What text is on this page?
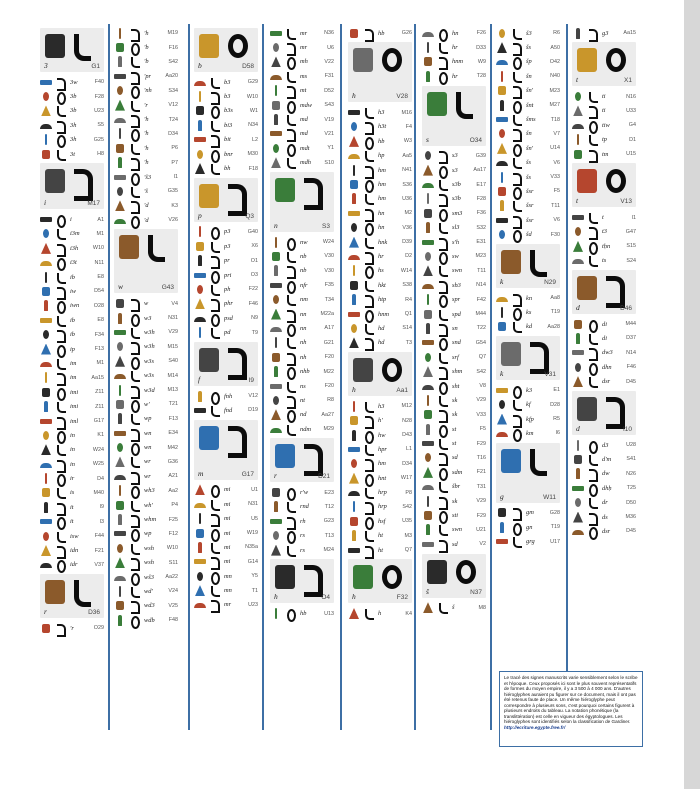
3	G1
3w	F40
3b	F28
3b	U23
3h	S5
3h	G25
3t	H8
i	M17
i	A1
i3m	M1
i3h	W10
i3t	N11
ib	E8
iw	D54
iwn	O28
ib	E8
ib	F34
ip	F13
im	M1
im	Aa15
imi	Z11
imi	Z11
iml	G17
in	K1
in	W24
in	W25
ir	D4
is	M40
it	I9
it	I3
isw	F44
idn	F21
idr	V37
r	D36
'r	O29
'h	M19
'b	F16
'b	S42
'pr	Aa20
'nh	S34
'r	V12
'h	T24
'h	D34
'h	P6
'h	P7
'š3	I1
'š	G35
'd	K3
'd	V26
w	G43
w	V4
w3	N31
w3h	V29
w3h	M15
w3s	S40
w3s	M14
w3d	M13
w'	T21
wp	F13
wn	E34
wn	M42
wr	G36
wr	A21
wh3	Aa2
wh'	P4
whm	F25
wp	F12
wsh	W10
wsh	S11
wš3	Aa22
wd'	V24
wd3	V25
wdb	F48
b	D58
b3	G29
b3	W10
b3s	W1
bi3	N34
bit	L2
bnr	M30
bh	F18
p	Q3
p3	G40
p3	X6
pr	O1
pri	O3
ph	F22
phr	F46
psd	N9
pd	T9
f	I9
fnh	V12
fnd	D19
m	G17
mi	U1
mi	N31
mi	U5
mi	W19
mi	N35a
mi	G14
mn	Y5
mn	T1
mr	U23
mr	N36
mr	U6
mh	V22
ms	F31
mt	D52
mdw	S43
md	V19
md	V21
mdt	Y1
mdh	S10
n	S3
nw	W24
nb	V30
nb	V30
nfr	F35
nm	T34
nn	M22a
nn	A17
nh	G21
nh	F20
nhb	M22
ns	F20
nt	R8
nd	Aa27
ndm	M29
r	D21
r'w	E23
rnd	T12
rh	G23
rs	T13
rs	M24
h	O4
hb	U13
hb	G26
h	V28
h3	M16
h3t	F4
hb	W3
hp	Aa5
hm	N41
hm	S36
hm	U36
hn	M2
hn	V36
hnk	D39
hr	D2
hs	W14
hkt	S38
htp	R4
hnm	Q1
hd	S14
hd	T3
h	Aa1
h3	M12
h'	N28
hw	D43
hpr	L1
hm	D34
hnt	W17
hrp	P8
hrp	S42
hsf	U35
ht	M3
ht	Q7
h	F32
h	K4
hn	F26
hr	D33
hnm	W9
hr	T28
s	O34
s3	G39
s3	Aa17
s3b	E17
s3b	F28
sm3	F36
sl3	S32
s'h	E31
sw	M23
swn	T11
sb3	N14
spr	F42
spd	M44
sn	T22
snd	G54
srf	Q7
shm	S42
sht	V8
sk	V29
sk	V33
st	F5
st	F29
sd	T16
sdm	F21
šbr	T31
sk	V29
sti	F29
swn	U21
sd	V2
š	N37
š	M8
š3	R6
šs	A50
šp	O42
šn	N40
šn'	M23
šnt	M27
šms	T18
šn	V7
šn'	U14
šs	V6
šs	V33
šsr	F5
šsr	T11
šsr	V6
šd	F30
k	N29
kn	Aa8
ks	T19
kd	Aa28
k	V31
k3	E1
kf	D28
kfp	R5
km	I6
g	W11
gm	G28
gn	T19
grg	U17
g3	Aa15
t	X1
ti	N16
ti	U33
tiw	G4
tp	D1
tm	U15
t	V13
t	I1
t3	G47
tḥn	S15
ts	S24
d	D46
di	M44
di	D37
dw3	N14
dhn	F46
dsr	D45
d	I10
d3	U28
d'm	S41
dw	N26
dhḥ	T25
dr	D50
ds	M36
dsr	D45
Le tracé des signes manuscrits varie sensiblement selon le scribe et l'époque. Ceux proposés ici sont le plus souvent représentatifs de formes du moyen empire, il y a 3 500 à 4 000 ans. D'autres hiéroglyphes auraient pu figurer sur ce document, mais il ont pas été retenus faute de place. Un même hiéroglyphe peut correspondre à plusieurs sons, c'est pourquoi certains figurent à plusieurs endroits du tableau. La notation phonétique (la translittération) est celle en vigueur des égyptologues. Les hiéroglyphes sont identifiés selon la classification de Gardiner.
http://ecriture.egypte.free.fr/
